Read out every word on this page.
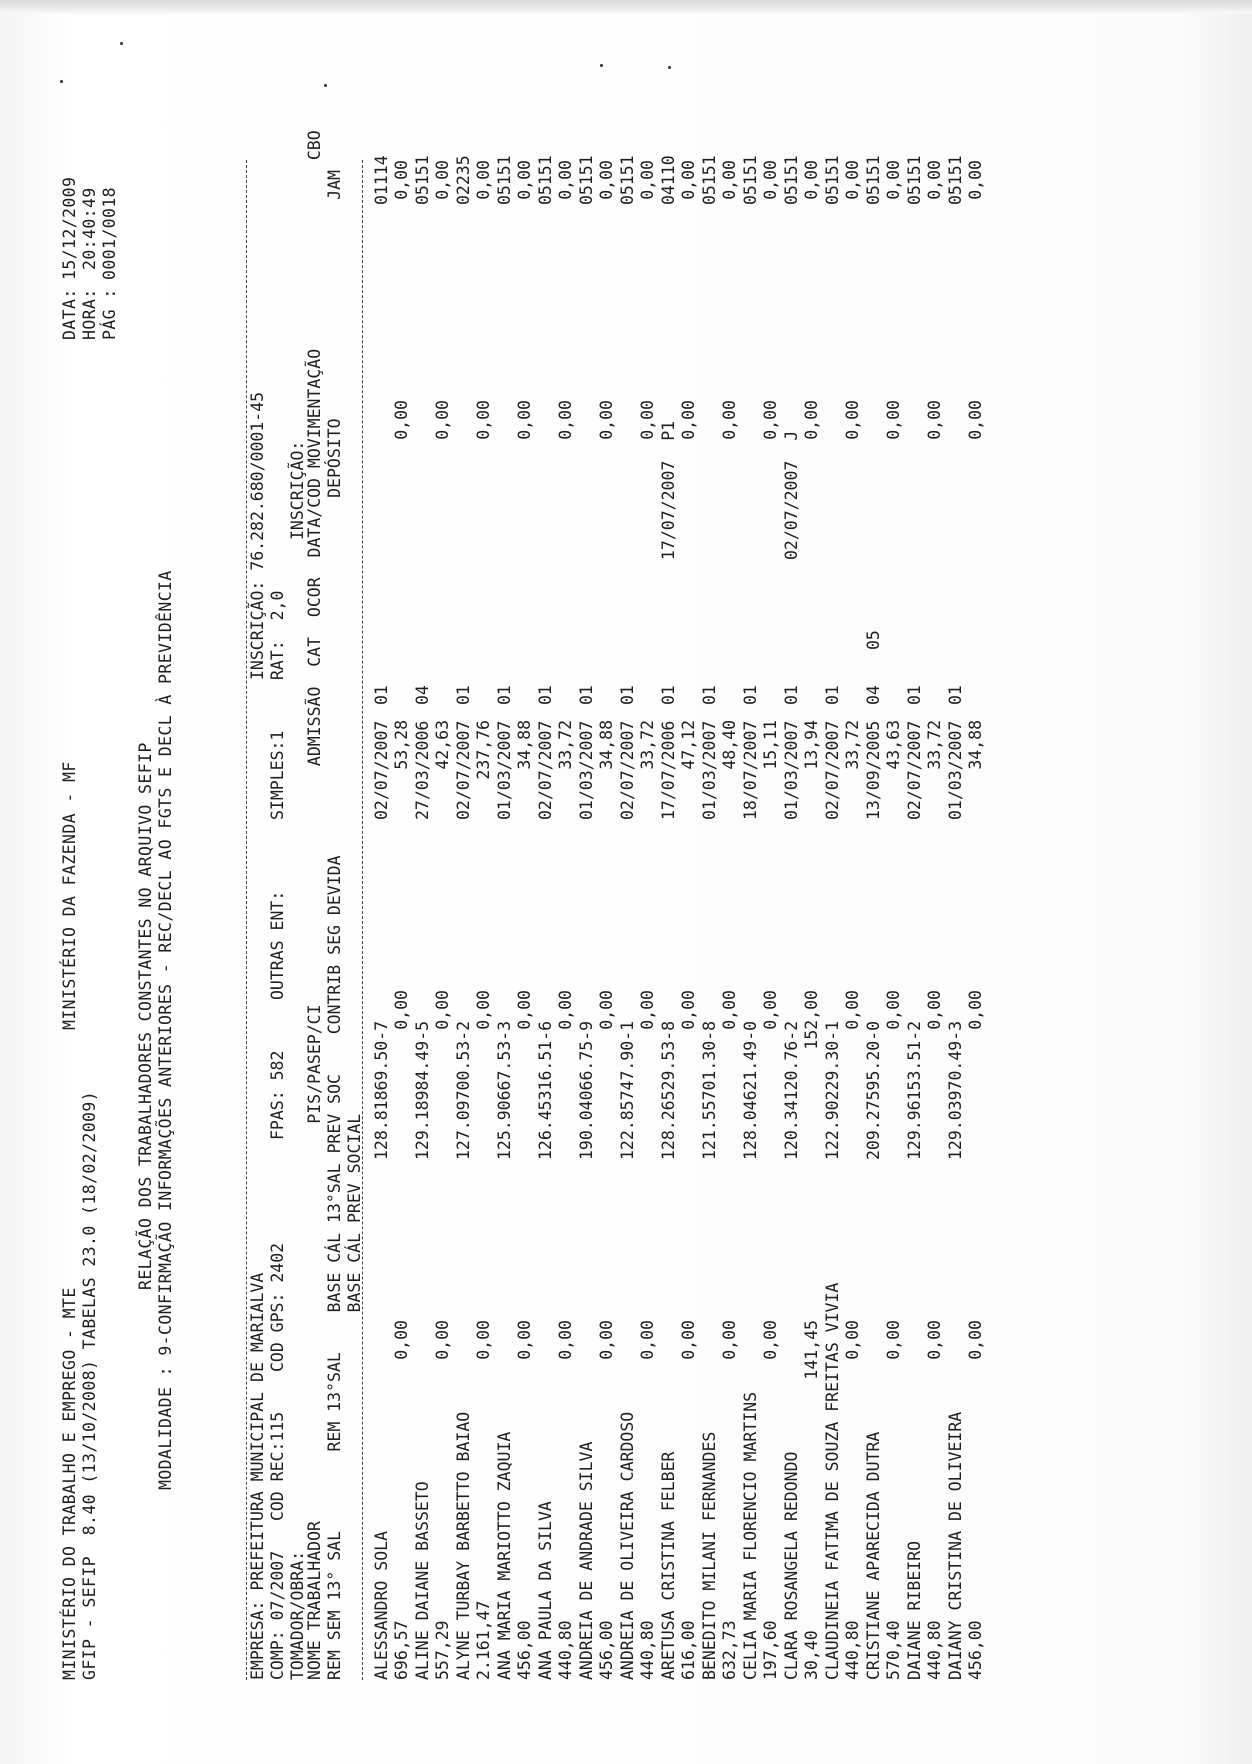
MINISTÉRIO DO TRABALHO E EMPREGO - MTE GFIP - SEFIP  8.40 (13/10/2008) TABELAS 23.0 (18/02/2009)
MINISTÉRIO DA FAZENDA - MF
DATA:
15/12/2009
HORA:
20:40:49
PÁG :
0001/0018
RELAÇÃO DOS TRABALHADORES CONSTANTES NO ARQUIVO SEFIP MODALIDADE : 9-CONFIRMAÇÃO INFORMAÇÕES ANTERIORES - REC/DECL AO FGTS E DECL À PREVIDÊNCIA	EMPRESA: PREFEITURA MUNICIPAL DE MARIALVA
INSCRIÇÃO: 76.282.680/0001-45
COMP: 07/2007   COD REC:115    COD GPS: 2402
FPAS: 582
OUTRAS ENT:
SIMPLES:1
RAT:  2,0
TOMADOR/OBRA:
INSCRIÇÃO:

NOME TRABALHADOR                                        PIS/PASEP/CI                        ADMISSÃO  CAT  OCOR  DATA/COD MOVIMENTAÇÃO                   CBO

REM SEM 13° SAL        REM 13°SAL    BASE CÁL 13°SAL PREV SOC    CONTRIB SEG DEVIDA                                    DEPÓSITO                      JAM

BASE CÁL PREV SOCIAL

ALESSANDRO SOLA
128.81869.50-7
02/07/2007
01
01114
696,57
0,00
0,00
53,28
0,00
0,00
ALINE DAIANE BASSETO
129.18984.49-5
27/03/2006
04
05151
557,29
0,00
0,00
42,63
0,00
0,00
ALYNE TURBAY BARBETTO BAIAO
127.09700.53-2
02/07/2007
01
02235
2.161,47
0,00
0,00
237,76
0,00
0,00
ANA MARIA MARIOTTO ZAQUIA
125.90667.53-3
01/03/2007
01
05151
456,00
0,00
0,00
34,88
0,00
0,00
ANA PAULA DA SILVA
126.45316.51-6
02/07/2007
01
05151
440,80
0,00
0,00
33,72
0,00
0,00
ANDREIA DE ANDRADE SILVA
190.04066.75-9
01/03/2007
01
05151
456,00
0,00
0,00
34,88
0,00
0,00
ANDREIA DE OLIVEIRA CARDOSO
122.85747.90-1
02/07/2007
01
05151
440,80
0,00
0,00
33,72
0,00
0,00
ARETUSA CRISTINA FELBER
128.26529.53-8
17/07/2006
01
17/07/2007  P1
04110
616,00
0,00
0,00
47,12
0,00
0,00
BENEDITO MILANI FERNANDES
121.55701.30-8
01/03/2007
01
05151
632,73
0,00
0,00
48,40
0,00
0,00
CELIA MARIA FLORENCIO MARTINS
128.04621.49-0
18/07/2007
01
05151
197,60
0,00
0,00
15,11
0,00
0,00
CLARA ROSANGELA REDONDO
120.34120.76-2
01/03/2007
01
02/07/2007  J
05151
30,40
141,45
152,00
13,94
0,00
0,00
CLAUDINEIA FATIMA DE SOUZA FREITAS VIVIA
122.90229.30-1
02/07/2007
01
05151
440,80
0,00
0,00
33,72
0,00
0,00
CRISTIANE APARECIDA DUTRA
209.27595.20-0
13/09/2005
04
05
05151
570,40
0,00
0,00
43,63
0,00
0,00
DAIANE RIBEIRO
129.96153.51-2
02/07/2007
01
05151
440,80
0,00
0,00
33,72
0,00
0,00
DAIANY CRISTINA DE OLIVEIRA
129.03970.49-3
01/03/2007
01
05151
456,00
0,00
0,00
34,88
0,00
0,00
